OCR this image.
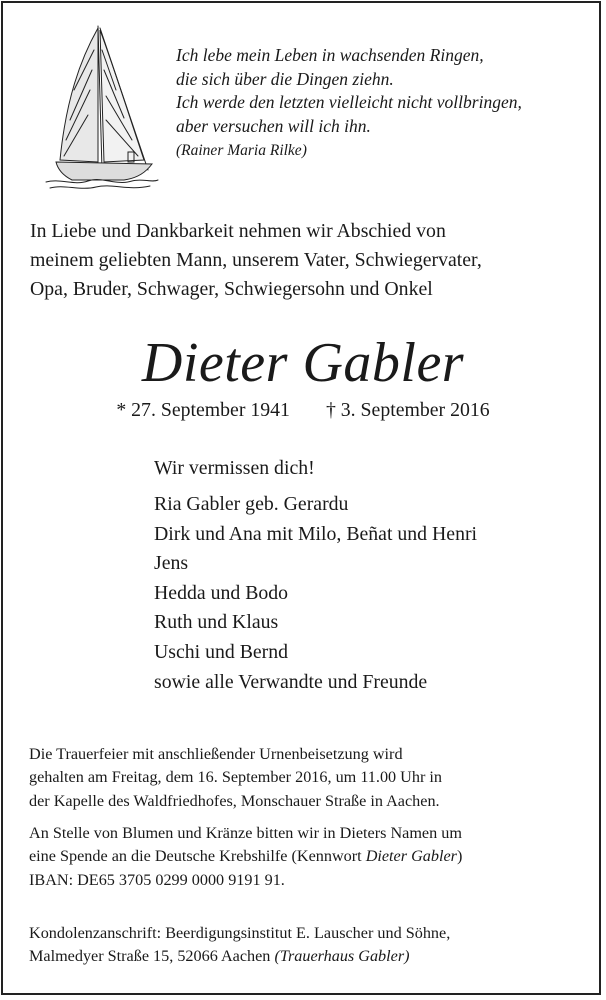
Ich lebe mein Leben in wachsenden Ringen,
die sich über die Dingen ziehn.
Ich werde den letzten vielleicht nicht vollbringen,
aber versuchen will ich ihn.
(Rainer Maria Rilke)
In Liebe und Dankbarkeit nehmen wir Abschied von
meinem geliebten Mann, unserem Vater, Schwiegervater,
Opa, Bruder, Schwager, Schwiegersohn und Onkel
Dieter Gabler
* 27. September 1941 † 3. September 2016
Wir vermissen dich!
Ria Gabler geb. Gerardu
Dirk und Ana mit Milo, Beñat und Henri
Jens
Hedda und Bodo
Ruth und Klaus
Uschi und Bernd
sowie alle Verwandte und Freunde
Die Trauerfeier mit anschließender Urnenbeisetzung wird
gehalten am Freitag, dem 16. September 2016, um 11.00 Uhr in
der Kapelle des Waldfriedhofes, Monschauer Straße in Aachen.
An Stelle von Blumen und Kränze bitten wir in Dieters Namen um
eine Spende an die Deutsche Krebshilfe (Kennwort Dieter Gabler)
IBAN: DE65 3705 0299 0000 9191 91.
Kondolenzanschrift: Beerdigungsinstitut E. Lauscher und Söhne,
Malmedyer Straße 15, 52066 Aachen (Trauerhaus Gabler)
